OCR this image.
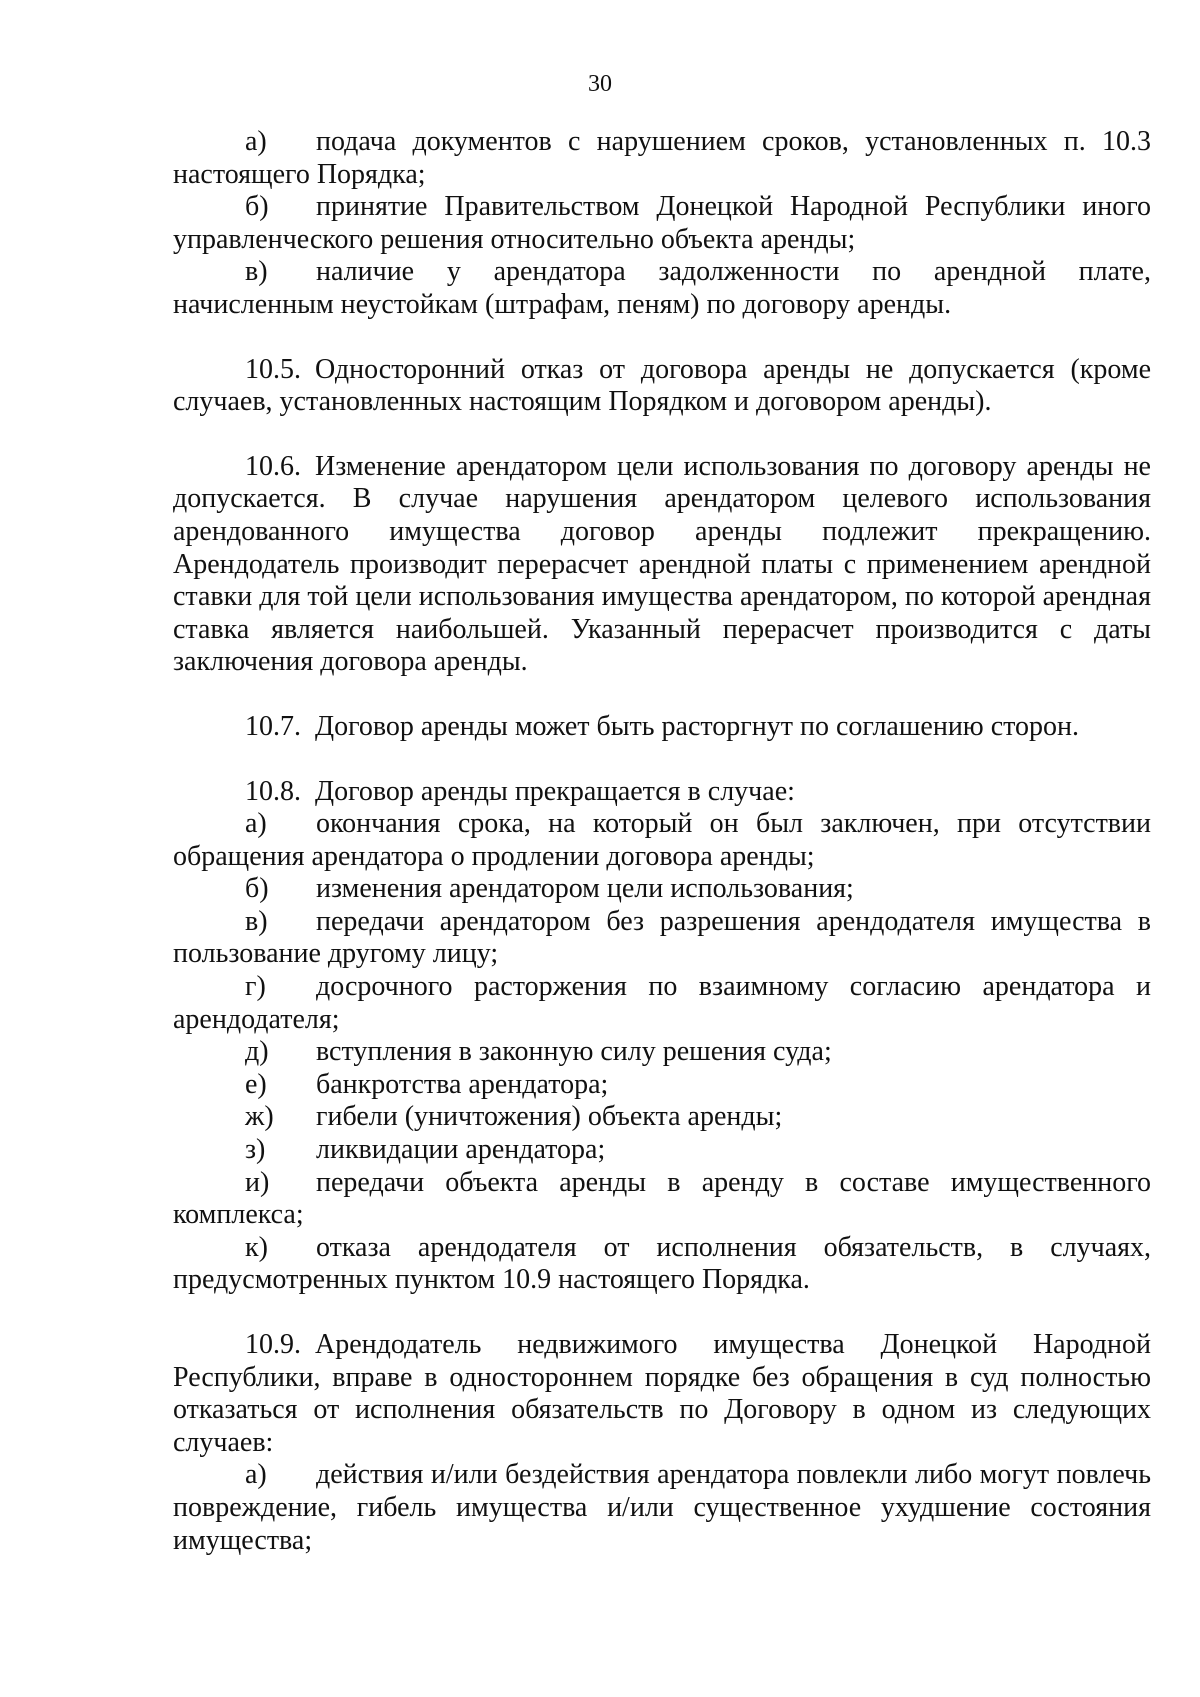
30

а) подача документов с нарушением сроков, установленных п. 10.3 настоящего Порядка;

б) принятие Правительством Донецкой Народной Республики иного управленческого решения относительно объекта аренды;

в) наличие у арендатора задолженности по арендной плате, начисленным неустойкам (штрафам, пеням) по договору аренды.

10.5. Односторонний отказ от договора аренды не допускается (кроме случаев, установленных настоящим Порядком и договором аренды).

10.6. Изменение арендатором цели использования по договору аренды не допускается. В случае нарушения арендатором целевого использования арендованного имущества договор аренды подлежит прекращению. Арендодатель производит перерасчет арендной платы с применением арендной ставки для той цели использования имущества арендатором, по которой арендная ставка является наибольшей. Указанный перерасчет производится с даты заключения договора аренды.

10.7. Договор аренды может быть расторгнут по соглашению сторон.

10.8. Договор аренды прекращается в случае:

а) окончания срока, на который он был заключен, при отсутствии обращения арендатора о продлении договора аренды;

б) изменения арендатором цели использования;

в) передачи арендатором без разрешения арендодателя имущества в пользование другому лицу;

г) досрочного расторжения по взаимному согласию арендатора и арендодателя;

д) вступления в законную силу решения суда;

е) банкротства арендатора;

ж) гибели (уничтожения) объекта аренды;

з) ликвидации арендатора;

и) передачи объекта аренды в аренду в составе имущественного комплекса;

к) отказа арендодателя от исполнения обязательств, в случаях, предусмотренных пунктом 10.9 настоящего Порядка.

10.9. Арендодатель недвижимого имущества Донецкой Народной Республики, вправе в одностороннем порядке без обращения в суд полностью отказаться от исполнения обязательств по Договору в одном из следующих случаев:

а) действия и/или бездействия арендатора повлекли либо могут повлечь повреждение, гибель имущества и/или существенное ухудшение состояния имущества;
